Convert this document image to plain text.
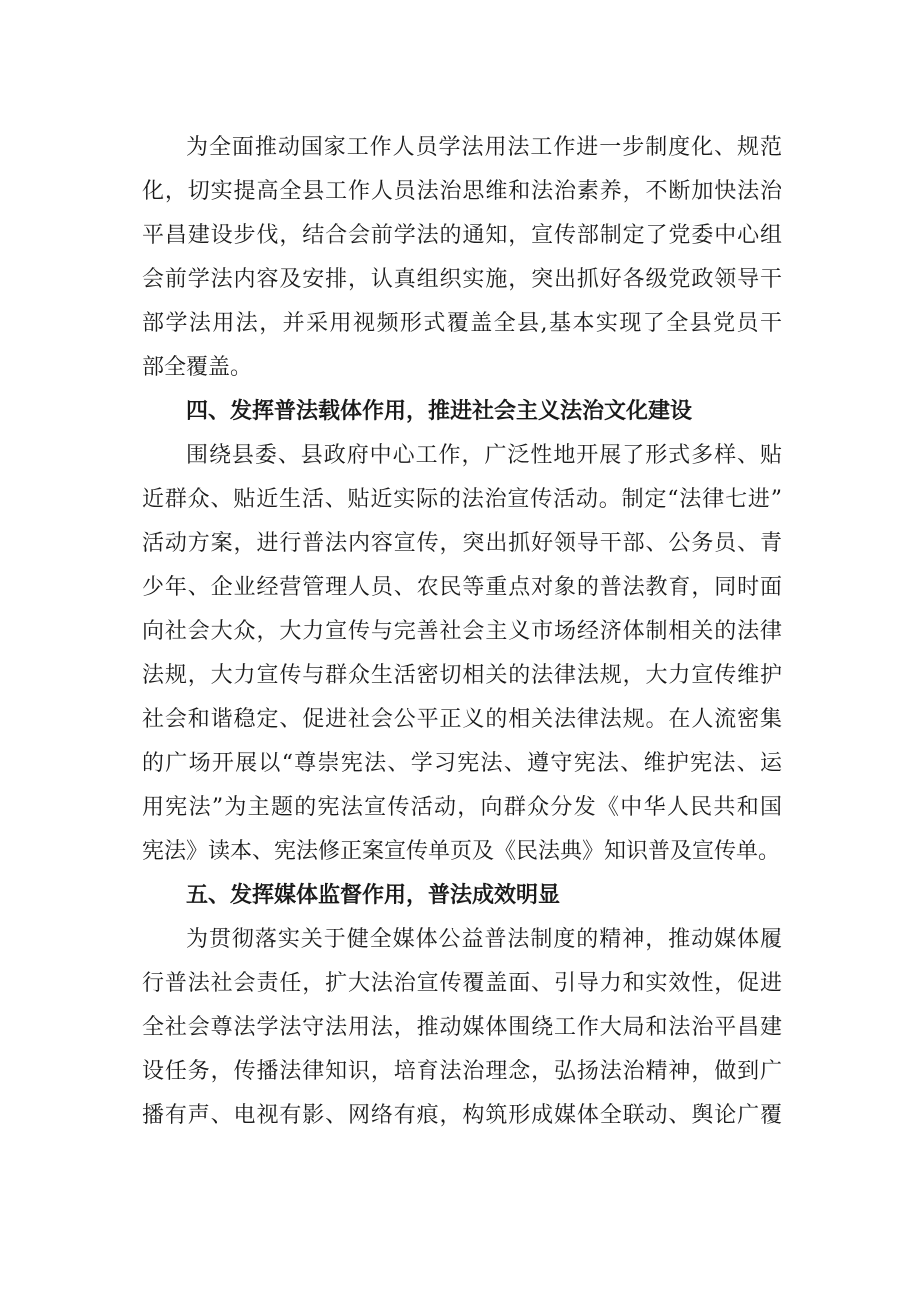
为全面推动国家工作人员学法用法工作进一步制度化、规范
化，切实提高全县工作人员法治思维和法治素养，不断加快法治
平昌建设步伐，结合会前学法的通知，宣传部制定了党委中心组
会前学法内容及安排，认真组织实施，突出抓好各级党政领导干
部学法用法，并采用视频形式覆盖全县,基本实现了全县党员干
部全覆盖。
四、发挥普法载体作用，推进社会主义法治文化建设
围绕县委、县政府中心工作，广泛性地开展了形式多样、贴
近群众、贴近生活、贴近实际的法治宣传活动。制定“法律七进”
活动方案，进行普法内容宣传，突出抓好领导干部、公务员、青
少年、企业经营管理人员、农民等重点对象的普法教育，同时面
向社会大众，大力宣传与完善社会主义市场经济体制相关的法律
法规，大力宣传与群众生活密切相关的法律法规，大力宣传维护
社会和谐稳定、促进社会公平正义的相关法律法规。在人流密集
的广场开展以“尊崇宪法、学习宪法、遵守宪法、维护宪法、运
用宪法”为主题的宪法宣传活动，向群众分发《中华人民共和国
宪法》读本、宪法修正案宣传单页及《民法典》知识普及宣传单。
五、发挥媒体监督作用，普法成效明显
为贯彻落实关于健全媒体公益普法制度的精神，推动媒体履
行普法社会责任，扩大法治宣传覆盖面、引导力和实效性，促进
全社会尊法学法守法用法，推动媒体围绕工作大局和法治平昌建
设任务，传播法律知识，培育法治理念，弘扬法治精神，做到广
播有声、电视有影、网络有痕，构筑形成媒体全联动、舆论广覆
